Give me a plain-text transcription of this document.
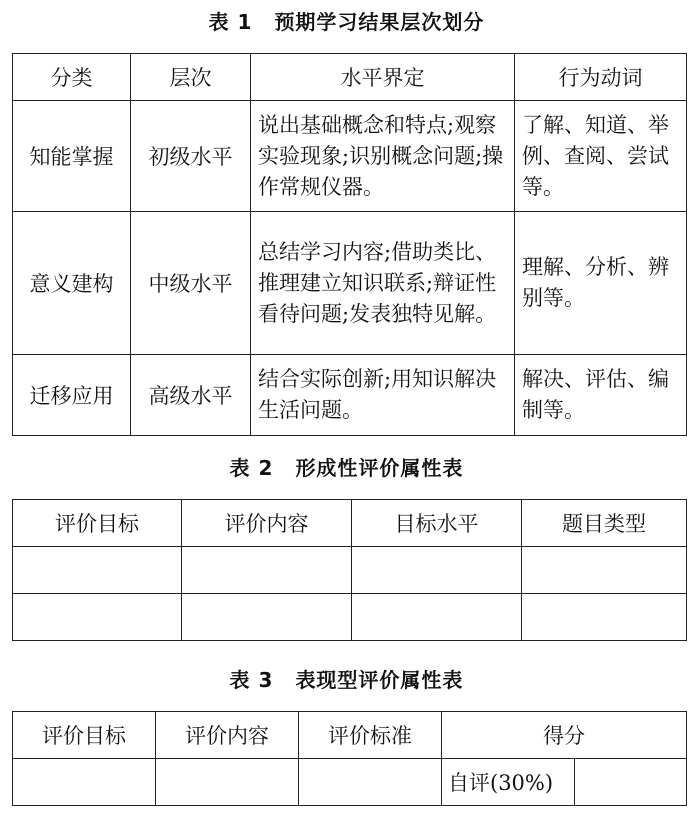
表 1 预期学习结果层次划分
分类	层次	水平界定	行为动词
知能掌握	初级水平	说出基础概念和特点;观察实验现象;识别概念问题;操作常规仪器。	了解、知道、举例、查阅、尝试等。
意义建构	中级水平	总结学习内容;借助类比、推理建立知识联系;辩证性看待问题;发表独特见解。	理解、分析、辨别等。
迁移应用	高级水平	结合实际创新;用知识解决生活问题。	解决、评估、编制等。
表 2 形成性评价属性表
评价目标	评价内容	目标水平	题目类型

表 3 表现型评价属性表
评价目标	评价内容	评价标准	得分	
			自评(30%)	
